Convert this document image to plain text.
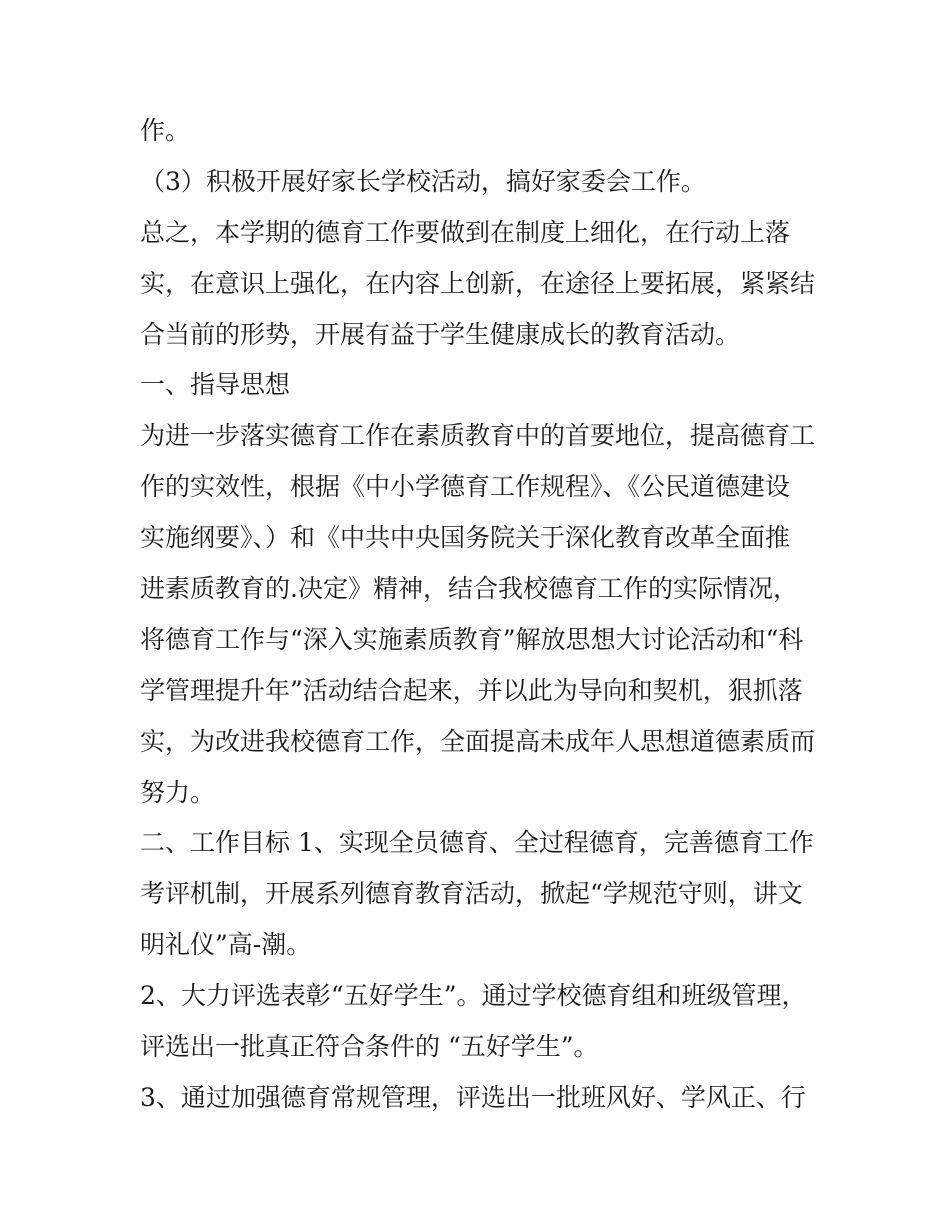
作。
（3）积极开展好家长学校活动，搞好家委会工作。
总之，本学期的德育工作要做到在制度上细化，在行动上落
实，在意识上强化，在内容上创新，在途径上要拓展，紧紧结
合当前的形势，开展有益于学生健康成长的教育活动。
一、指导思想
为进一步落实德育工作在素质教育中的首要地位，提高德育工
作的实效性，根据《中小学德育工作规程》、《公民道德建设
实施纲要》、）和《中共中央国务院关于深化教育改革全面推
进素质教育的.决定》精神，结合我校德育工作的实际情况，
将德育工作与“深入实施素质教育”解放思想大讨论活动和“科
学管理提升年”活动结合起来，并以此为导向和契机，狠抓落
实，为改进我校德育工作，全面提高未成年人思想道德素质而
努力。
二、工作目标 1、实现全员德育、全过程德育，完善德育工作
考评机制，开展系列德育教育活动，掀起“学规范守则，讲文
明礼仪”高-潮。
2、大力评选表彰“五好学生”。通过学校德育组和班级管理，
评选出一批真正符合条件的 “五好学生”。
3、通过加强德育常规管理，评选出一批班风好、学风正、行
